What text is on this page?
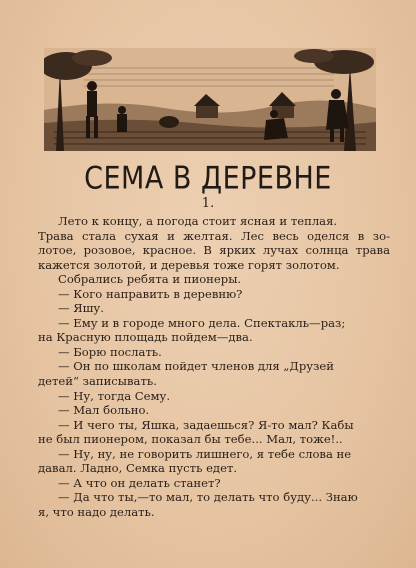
СЕМА В ДЕРЕВНЕ
1.
Лето к концу, а погода стоит ясная и теплая.
Трава стала сухая и желтая. Лес весь оделся в зо-
лотое, розовое, красное. В ярких лучах солнца трава
кажется золотой, и деревья тоже горят золотом.
Собрались ребята и пионеры.
— Кого направить в деревню?
— Яшу.
— Ему и в городе много дела. Спектакль—раз;
на Красную площадь пойдем—два.
— Борю послать.
— Он по школам пойдет членов для „Друзей
детей“ записывать.
— Ну, тогда Сему.
— Мал больно.
— И чего ты, Яшка, задаешься? Я-то мал? Кабы
не был пионером, показал бы тебе... Мал, тоже!..
— Ну, ну, не говорить лишнего, я тебе слова не
давал. Ладно, Семка пусть едет.
— А что он делать станет?
— Да что ты,—то мал, то делать что буду... Знаю
я, что надо делать.
